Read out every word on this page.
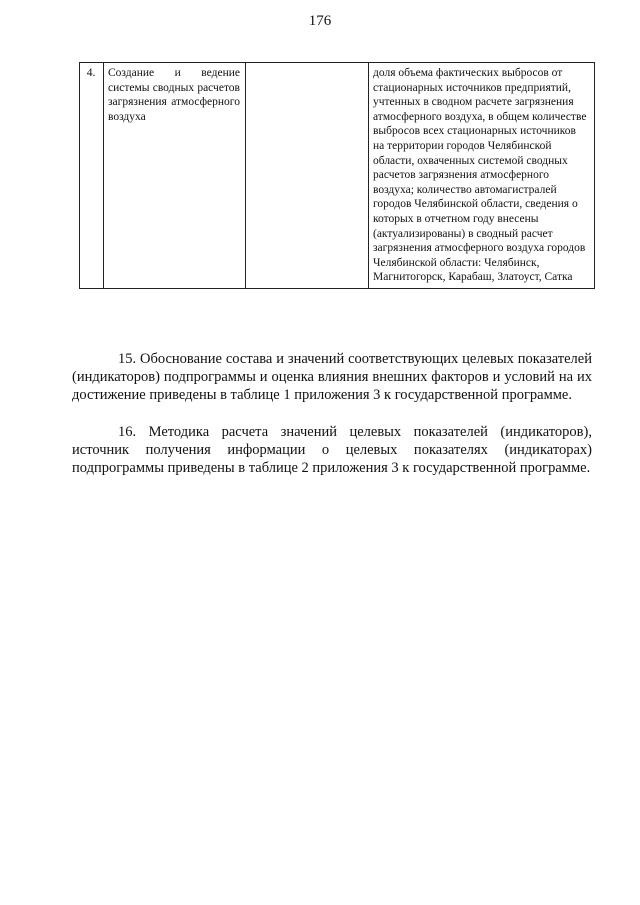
176
4.	Создание и ведение системы сводных расчетов загрязнения атмосферного воздуха		доля объема фактических выбросов от стационарных источников предприятий, учтенных в сводном расчете загрязнения атмосферного воздуха, в общем количестве выбросов всех стационарных источников на территории городов Челябинской области, охваченных системой сводных расчетов загрязнения атмосферного воздуха; количество автомагистралей городов Челябинской области, сведения о которых в отчетном году внесены (актуализированы) в сводный расчет загрязнения атмосферного воздуха городов Челябинской области: Челябинск, Магнитогорск, Карабаш, Златоуст, Сатка

15. Обоснование состава и значений соответствующих целевых показателей (индикаторов) подпрограммы и оценка влияния внешних факторов и условий на их достижение приведены в таблице 1 приложения 3 к государственной программе.

16. Методика расчета значений целевых показателей (индикаторов), источник получения информации о целевых показателях (индикаторах) подпрограммы приведены в таблице 2 приложения 3 к государственной программе.
